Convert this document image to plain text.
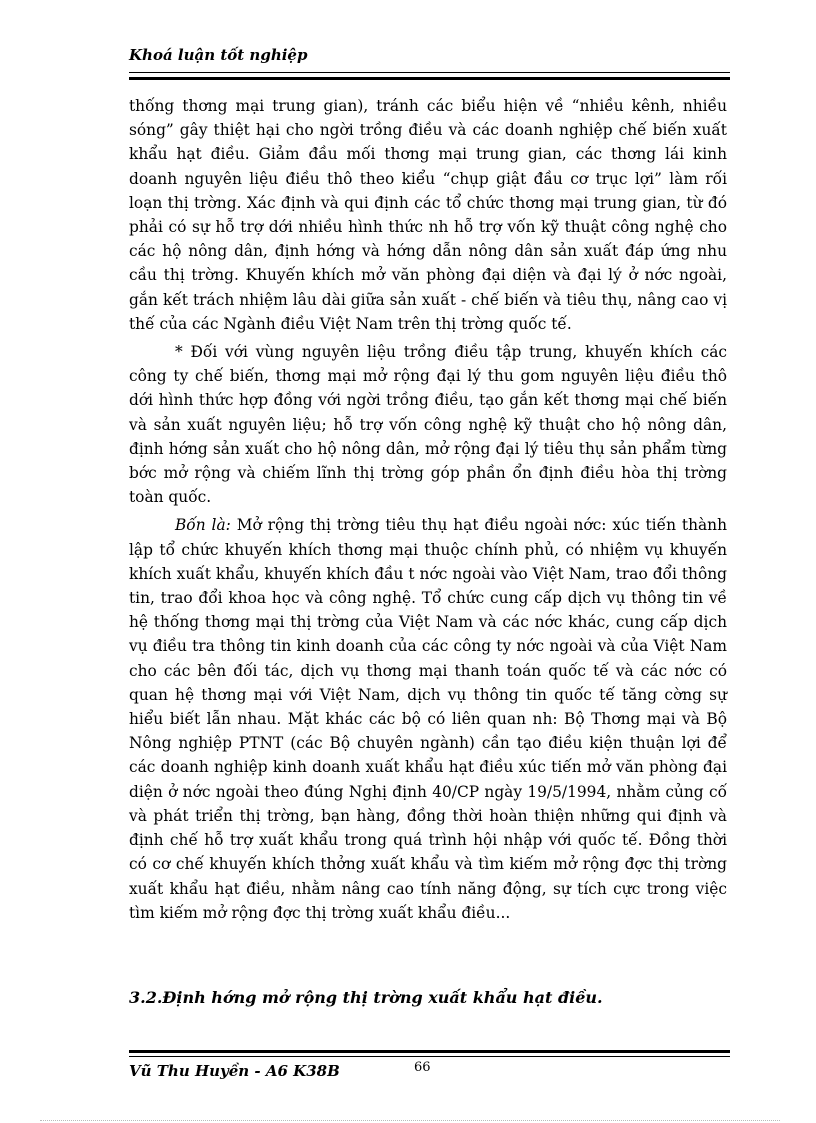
Khoá luận tốt nghiệp

thống thơng mại trung gian), tránh các biểu hiện về “nhiều kênh, nhiều sóng” gây thiệt hại cho ngời trồng điều và các doanh nghiệp chế biến xuất khẩu hạt điều. Giảm đầu mối thơng mại trung gian, các thơng lái kinh doanh nguyên liệu điều thô theo kiểu “chụp giật đầu cơ trục lợi” làm rối loạn thị trờng. Xác định và qui định các tổ chức thơng mại trung gian, từ đó phải có sự hỗ trợ dới nhiều hình thức nh hỗ trợ vốn kỹ thuật công nghệ cho các hộ nông dân, định hớng và hớng dẫn nông dân sản xuất đáp ứng nhu cầu thị trờng. Khuyến khích mở văn phòng đại diện và đại lý ở nớc ngoài, gắn kết trách nhiệm lâu dài giữa sản xuất - chế biến và tiêu thụ, nâng cao vị thế của các Ngành điều Việt Nam trên thị trờng quốc tế.

* Đối với vùng nguyên liệu trồng điều tập trung, khuyến khích các công ty chế biến, thơng mại mở rộng đại lý thu gom nguyên liệu điều thô dới hình thức hợp đồng với ngời trồng điều, tạo gắn kết thơng mại chế biến và sản xuất nguyên liệu; hỗ trợ vốn công nghệ kỹ thuật cho hộ nông dân, định hớng sản xuất cho hộ nông dân, mở rộng đại lý tiêu thụ sản phẩm từng bớc mở rộng và chiếm lĩnh thị trờng góp phần ổn định điều hòa thị trờng toàn quốc.

Bốn là: Mở rộng thị trờng tiêu thụ hạt điều ngoài nớc: xúc tiến thành lập tổ chức khuyến khích thơng mại thuộc chính phủ, có nhiệm vụ khuyến khích xuất khẩu, khuyến khích đầu t nớc ngoài vào Việt Nam, trao đổi thông tin, trao đổi khoa học và công nghệ. Tổ chức cung cấp dịch vụ thông tin về hệ thống thơng mại thị trờng của Việt Nam và các nớc khác, cung cấp dịch vụ điều tra thông tin kinh doanh của các công ty nớc ngoài và của Việt Nam cho các bên đối tác, dịch vụ thơng mại thanh toán quốc tế và các nớc có quan hệ thơng mại với Việt Nam, dịch vụ thông tin quốc tế tăng cờng sự hiểu biết lẫn nhau. Mặt khác các bộ có liên quan nh: Bộ Thơng mại và Bộ Nông nghiệp PTNT (các Bộ chuyên ngành) cần tạo điều kiện thuận lợi để các doanh nghiệp kinh doanh xuất khẩu hạt điều xúc tiến mở văn phòng đại diện ở nớc ngoài theo đúng Nghị định 40/CP ngày 19/5/1994, nhằm củng cố và phát triển thị trờng, bạn hàng, đồng thời hoàn thiện những qui định và định chế hỗ trợ xuất khẩu trong quá trình hội nhập với quốc tế. Đồng thời có cơ chế khuyến khích thởng xuất khẩu và tìm kiếm mở rộng đợc thị trờng xuất khẩu hạt điều, nhằm nâng cao tính năng động, sự tích cực trong việc tìm kiếm mở rộng đợc thị trờng xuất khẩu điều...

3.2.Định hớng mở rộng thị trờng xuất khẩu hạt điều.
Vũ Thu Huyền - A6 K38B	66
